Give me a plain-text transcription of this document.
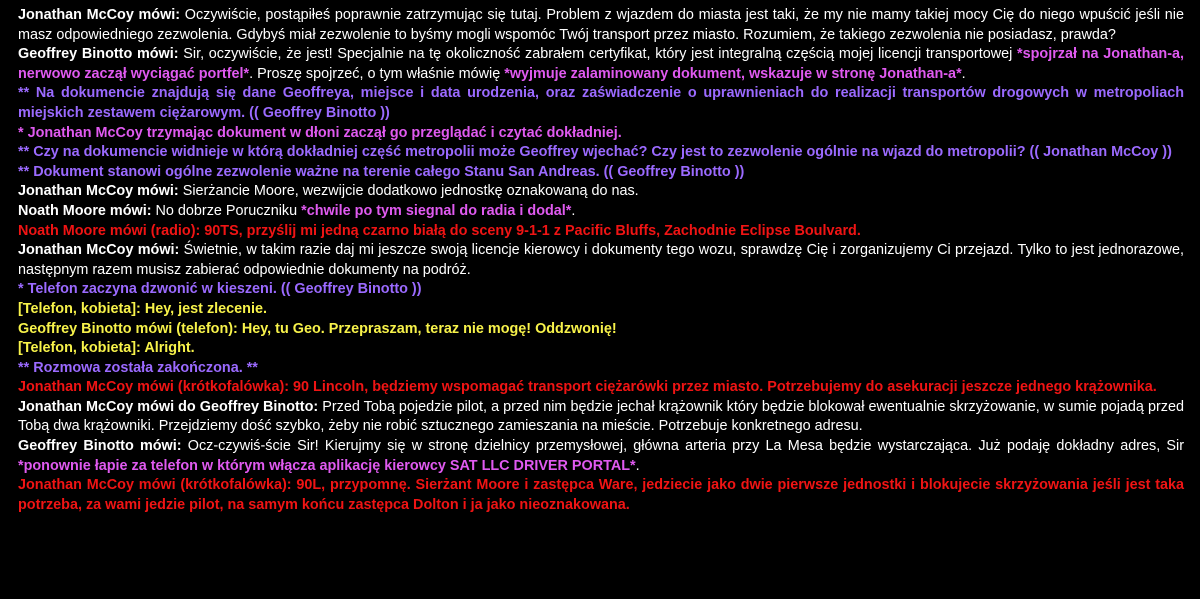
Jonathan McCoy mówi: Oczywiście, postąpiłeś poprawnie zatrzymując się tutaj. Problem z wjazdem do miasta jest taki, że my nie mamy takiej mocy Cię do niego wpuścić jeśli nie masz odpowiedniego zezwolenia. Gdybyś miał zezwolenie to byśmy mogli wspomóc Twój transport przez miasto. Rozumiem, że takiego zezwolenia nie posiadasz, prawda?
Geoffrey Binotto mówi: Sir, oczywiście, że jest! Specjalnie na tę okoliczność zabrałem certyfikat, który jest integralną częścią mojej licencji transportowej *spojrzał na Jonathan-a, nerwowo zaczął wyciągać portfel*. Proszę spojrzeć, o tym właśnie mówię *wyjmuje zalaminowany dokument, wskazuje w stronę Jonathan-a*.
** Na dokumencie znajdują się dane Geoffreya, miejsce i data urodzenia, oraz zaświadczenie o uprawnieniach do realizacji transportów drogowych w metropoliach miejskich zestawem ciężarowym. (( Geoffrey Binotto ))
* Jonathan McCoy trzymając dokument w dłoni zaczął go przeglądać i czytać dokładniej.
** Czy na dokumencie widnieje w którą dokładniej część metropolii może Geoffrey wjechać? Czy jest to zezwolenie ogólnie na wjazd do metropolii? (( Jonathan McCoy ))
** Dokument stanowi ogólne zezwolenie ważne na terenie całego Stanu San Andreas. (( Geoffrey Binotto ))
Jonathan McCoy mówi: Sierżancie Moore, wezwijcie dodatkowo jednostkę oznakowaną do nas.
Noath Moore mówi: No dobrze Poruczniku *chwile po tym siegnal do radia i dodal*.
Noath Moore mówi (radio): 90TS, przyślij mi jedną czarno białą do sceny 9-1-1 z Pacific Bluffs, Zachodnie Eclipse Boulvard.
Jonathan McCoy mówi: Świetnie, w takim razie daj mi jeszcze swoją licencje kierowcy i dokumenty tego wozu, sprawdzę Cię i zorganizujemy Ci przejazd. Tylko to jest jednorazowe, następnym razem musisz zabierać odpowiednie dokumenty na podróż.
* Telefon zaczyna dzwonić w kieszeni. (( Geoffrey Binotto ))
[Telefon, kobieta]: Hey, jest zlecenie.
Geoffrey Binotto mówi (telefon): Hey, tu Geo. Przepraszam, teraz nie mogę! Oddzwonię!
[Telefon, kobieta]: Alright.
** Rozmowa została zakończona. **
Jonathan McCoy mówi (krótkofalówka): 90 Lincoln, będziemy wspomagać transport ciężarówki przez miasto. Potrzebujemy do asekuracji jeszcze jednego krążownika.
Jonathan McCoy mówi do Geoffrey Binotto: Przed Tobą pojedzie pilot, a przed nim będzie jechał krążownik który będzie blokował ewentualnie skrzyżowanie, w sumie pojadą przed Tobą dwa krążowniki. Przejdziemy dość szybko, żeby nie robić sztucznego zamieszania na mieście. Potrzebuje konkretnego adresu.
Geoffrey Binotto mówi: Ocz-czywiś-ście Sir! Kierujmy się w stronę dzielnicy przemysłowej, główna arteria przy La Mesa będzie wystarczająca. Już podaję dokładny adres, Sir *ponownie łapie za telefon w którym włącza aplikację kierowcy SAT LLC DRIVER PORTAL*.
Jonathan McCoy mówi (krótkofalówka): 90L, przypomnę. Sierżant Moore i zastępca Ware, jedziecie jako dwie pierwsze jednostki i blokujecie skrzyżowania jeśli jest taka potrzeba, za wami jedzie pilot, na samym końcu zastępca Dolton i ja jako nieoznakowana.
